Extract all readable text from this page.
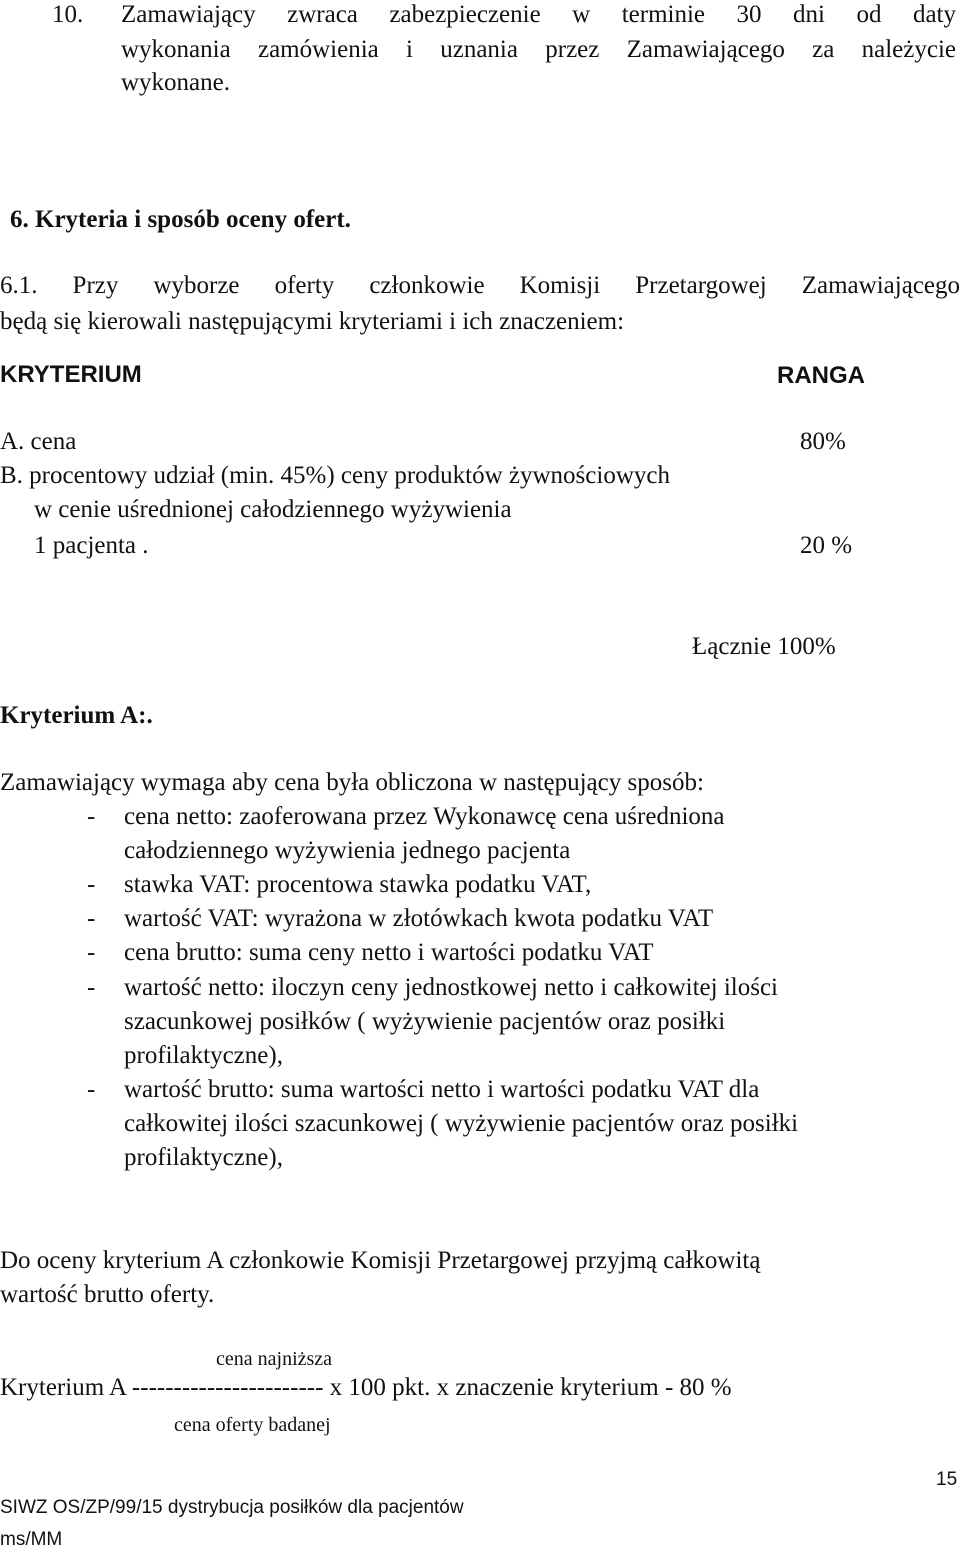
10. Zamawiający zwraca zabezpieczenie w terminie 30 dni od daty
wykonania zamówienia i uznania przez Zamawiającego za należycie
wykonane.
6. Kryteria i sposób oceny ofert.
6.1. Przy wyborze oferty członkowie Komisji Przetargowej Zamawiającego
będą się kierowali następującymi kryteriami i ich znaczeniem:
KRYTERIUM	RANGA
A. cena	80%
B. procentowy udział (min. 45%) ceny produktów żywnościowych
w cenie uśrednionej całodziennego wyżywienia
1 pacjenta .	20 %
Łącznie 100%
Kryterium A:.
Zamawiający wymaga aby cena była obliczona w następujący sposób:
- cena netto: zaoferowana przez Wykonawcę cena uśredniona
całodziennego wyżywienia jednego pacjenta
- stawka VAT: procentowa stawka podatku VAT,
- wartość VAT: wyrażona w złotówkach kwota podatku VAT
- cena brutto: suma ceny netto i wartości podatku VAT
- wartość netto: iloczyn ceny jednostkowej netto i całkowitej ilości
szacunkowej posiłków ( wyżywienie pacjentów oraz posiłki
profilaktyczne),
- wartość brutto: suma wartości netto i wartości podatku VAT dla
całkowitej ilości szacunkowej ( wyżywienie pacjentów oraz posiłki
profilaktyczne),
Do oceny kryterium A członkowie Komisji Przetargowej przyjmą całkowitą
wartość brutto oferty.
cena najniższa
Kryterium A ----------------------- x 100 pkt. x znaczenie kryterium - 80 %
cena oferty badanej
15
SIWZ OS/ZP/99/15 dystrybucja posiłków dla pacjentów
ms/MM
